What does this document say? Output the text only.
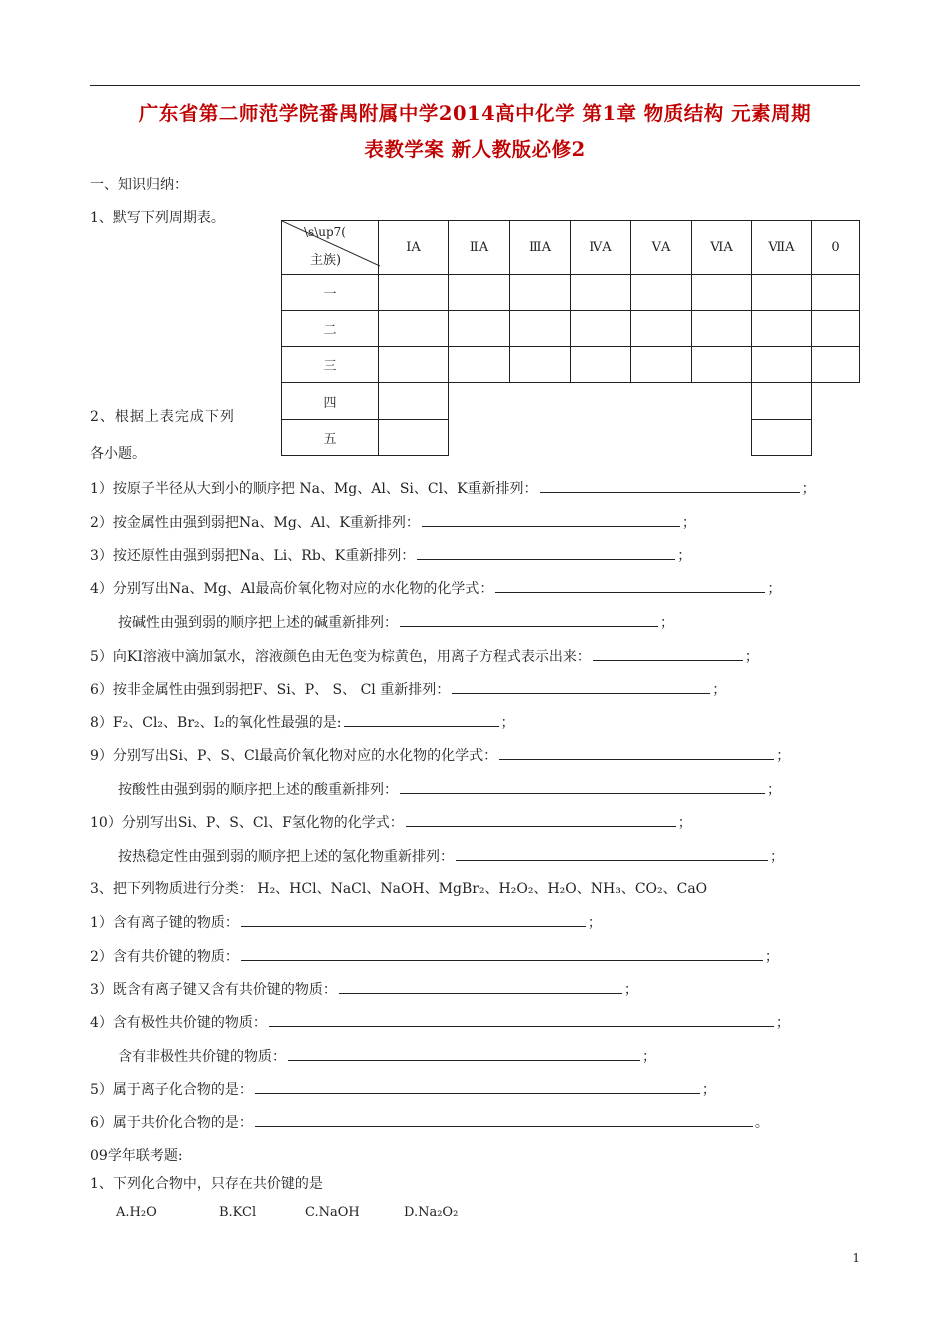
广东省第二师范学院番禺附属中学2014高中化学 第1章 物质结构 元素周期
表教学案 新人教版必修2
一、知识归纳：
1、默写下列周期表。
2、根据上表完成下列
各小题。
\s\up7(
主族)
ⅠA	ⅡA	ⅢA	ⅣA	ⅤA	ⅥA	ⅦA	0
一
二
三
四
五
1）按原子半径从大到小的顺序把 Na、Mg、Al、Si、Cl、K重新排列：	；
2）按金属性由强到弱把Na、Mg、Al、K重新排列：	；
3）按还原性由强到弱把Na、Li、Rb、K重新排列：	；
4）分别写出Na、Mg、Al最高价氧化物对应的水化物的化学式：	；
按碱性由强到弱的顺序把上述的碱重新排列：	；
5）向KI溶液中滴加氯水，溶液颜色由无色变为棕黄色，用离子方程式表示出来：	；
6）按非金属性由强到弱把F、Si、P、 S、 Cl 重新排列：	；
8）F₂、Cl₂、Br₂、I₂的氧化性最强的是:	；
9）分别写出Si、P、S、Cl最高价氧化物对应的水化物的化学式：	；
按酸性由强到弱的顺序把上述的酸重新排列：	；
10）分别写出Si、P、S、Cl、F氢化物的化学式：	；
按热稳定性由强到弱的顺序把上述的氢化物重新排列：	；
3、把下列物质进行分类： H₂、HCl、NaCl、NaOH、MgBr₂、H₂O₂、H₂O、NH₃、CO₂、CaO
1）含有离子键的物质：	；
2）含有共价键的物质：	；
3）既含有离子键又含有共价键的物质：	；
4）含有极性共价键的物质：	；
含有非极性共价键的物质：	；
5）属于离子化合物的是：	；
6）属于共价化合物的是：	。
09学年联考题:
1、下列化合物中，只存在共价键的是
A.H₂O	B.KCl	C.NaOH	D.Na₂O₂
1
